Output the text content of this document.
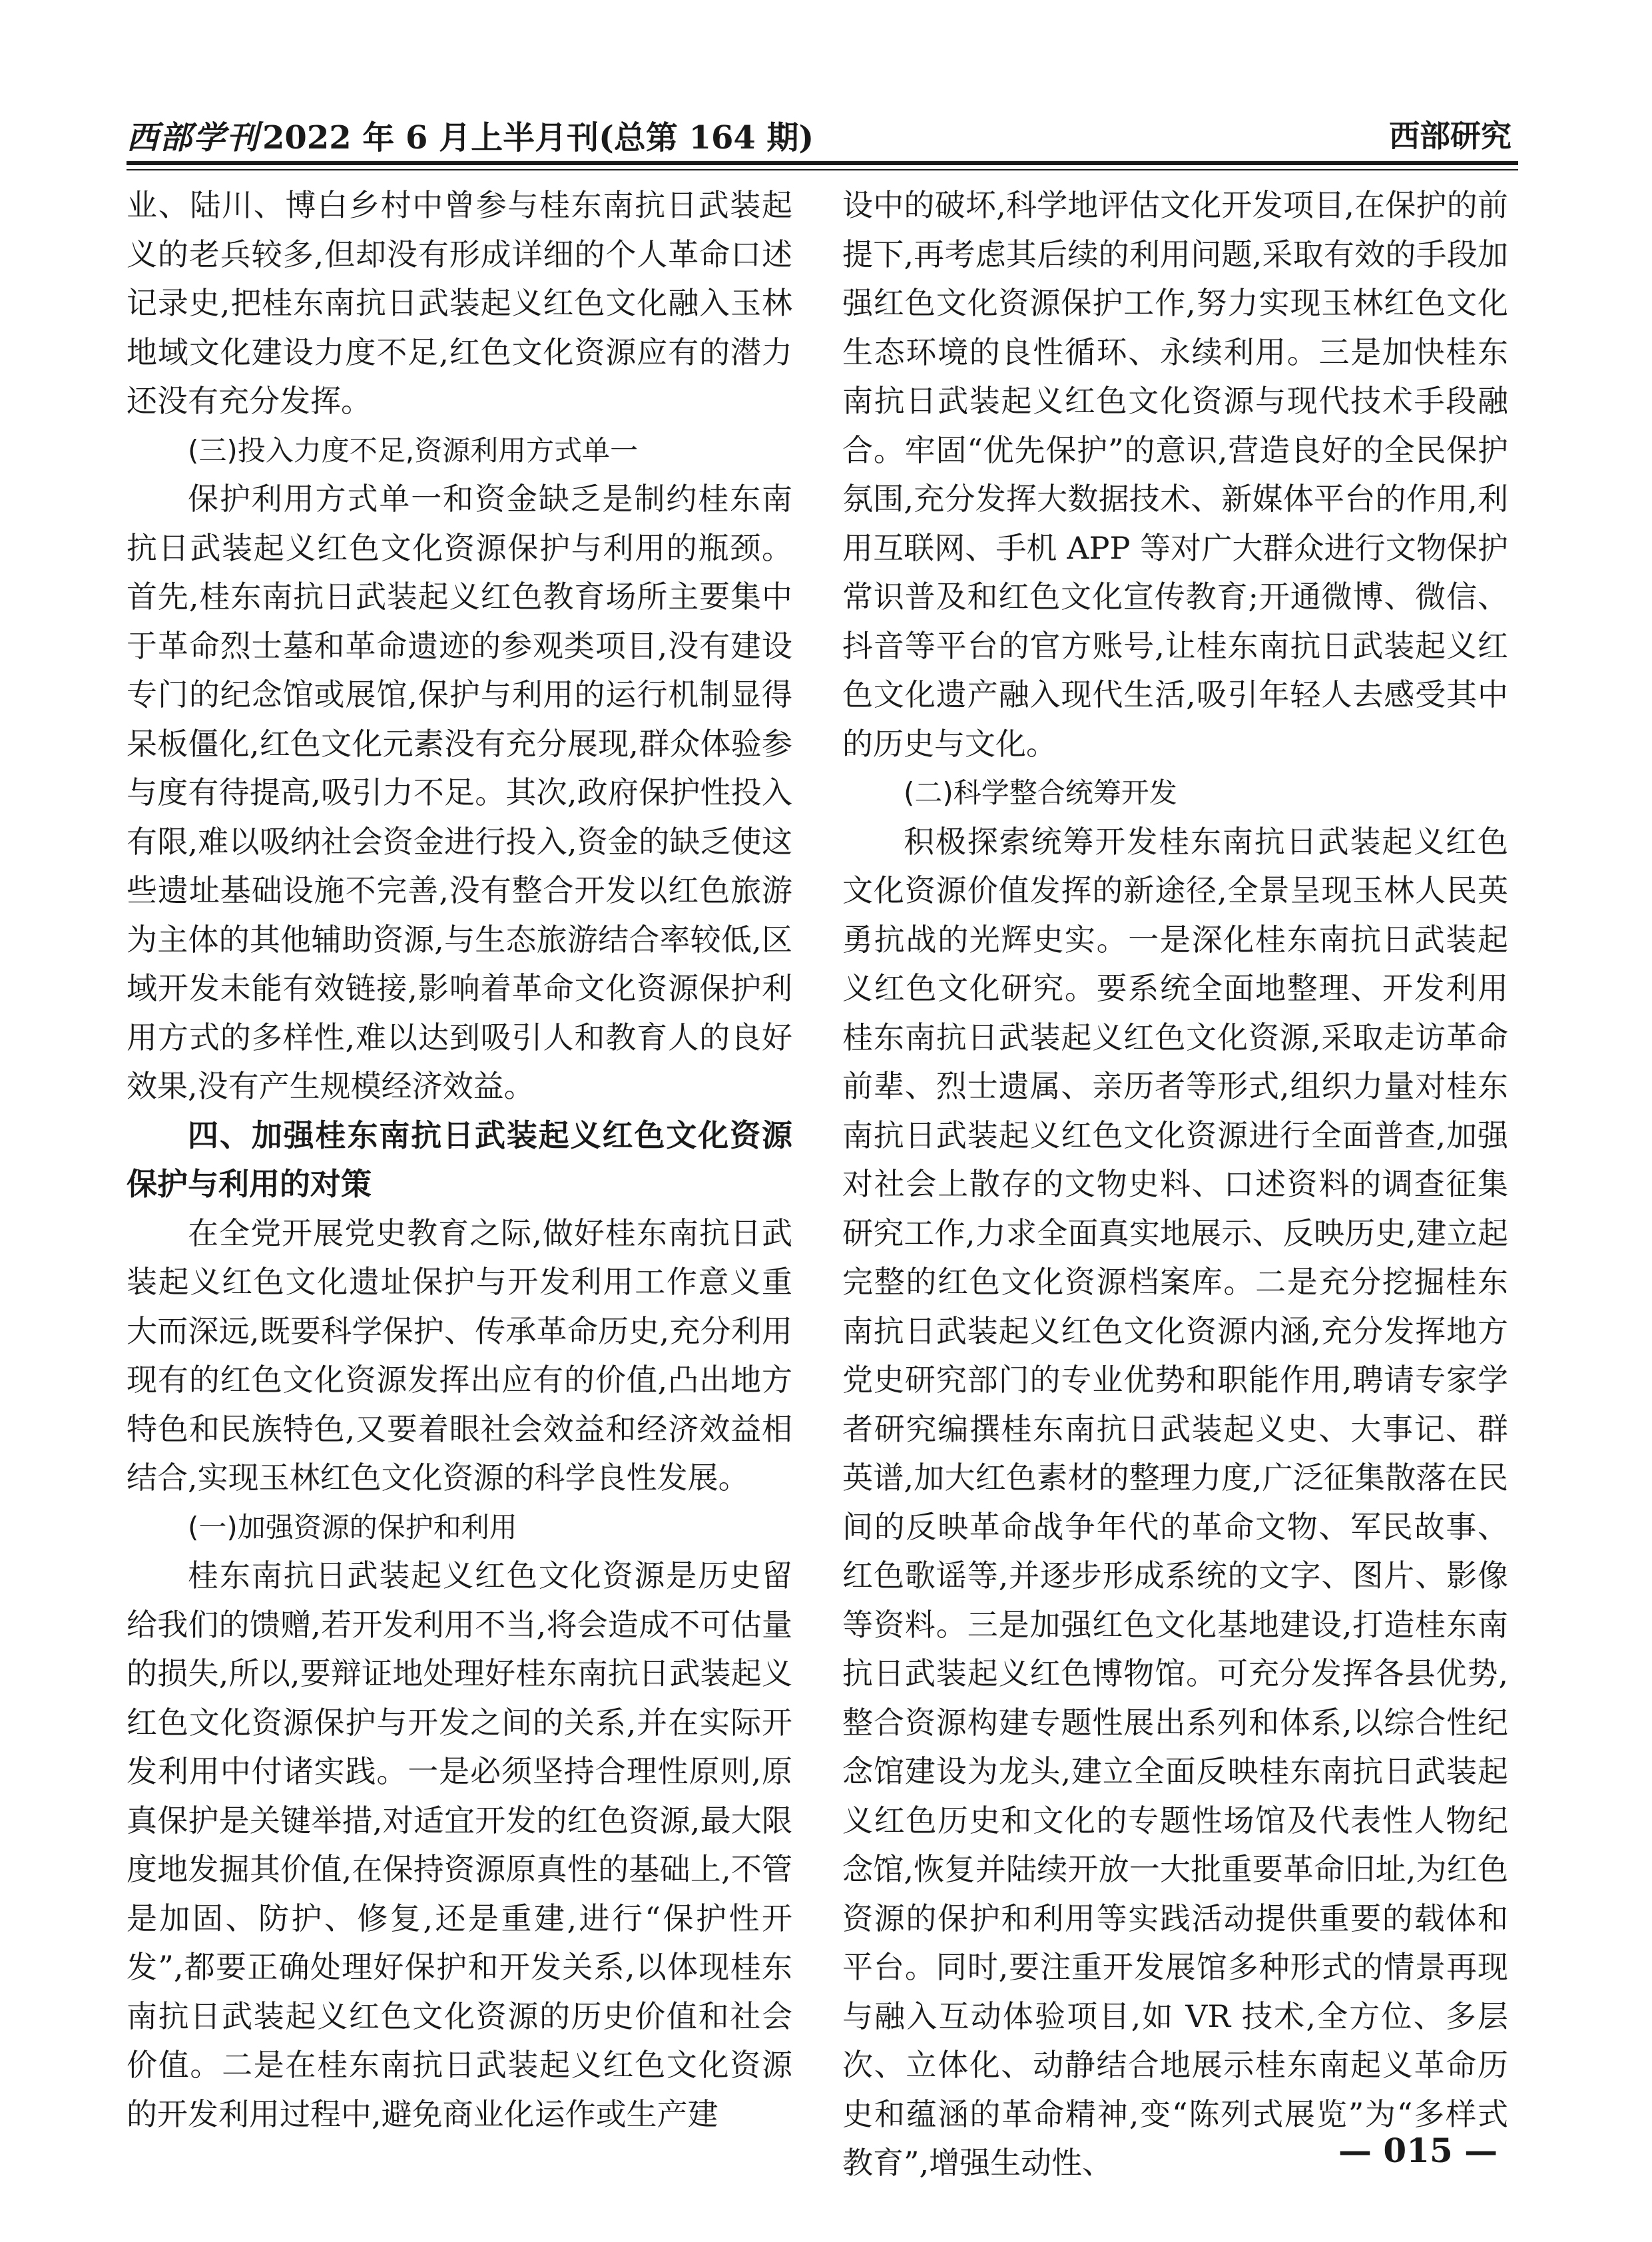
西部学刊2022 年 6 月上半月刊(总第 164 期)	西部研究

业、陆川、博白乡村中曾参与桂东南抗日武装起义的老兵较多,但却没有形成详细的个人革命口述记录史,把桂东南抗日武装起义红色文化融入玉林地域文化建设力度不足,红色文化资源应有的潜力还没有充分发挥。

(三)投入力度不足,资源利用方式单一

保护利用方式单一和资金缺乏是制约桂东南抗日武装起义红色文化资源保护与利用的瓶颈。首先,桂东南抗日武装起义红色教育场所主要集中于革命烈士墓和革命遗迹的参观类项目,没有建设专门的纪念馆或展馆,保护与利用的运行机制显得呆板僵化,红色文化元素没有充分展现,群众体验参与度有待提高,吸引力不足。其次,政府保护性投入有限,难以吸纳社会资金进行投入,资金的缺乏使这些遗址基础设施不完善,没有整合开发以红色旅游为主体的其他辅助资源,与生态旅游结合率较低,区域开发未能有效链接,影响着革命文化资源保护利用方式的多样性,难以达到吸引人和教育人的良好效果,没有产生规模经济效益。

四、加强桂东南抗日武装起义红色文化资源保护与利用的对策

在全党开展党史教育之际,做好桂东南抗日武装起义红色文化遗址保护与开发利用工作意义重大而深远,既要科学保护、传承革命历史,充分利用现有的红色文化资源发挥出应有的价值,凸出地方特色和民族特色,又要着眼社会效益和经济效益相结合,实现玉林红色文化资源的科学良性发展。

(一)加强资源的保护和利用

桂东南抗日武装起义红色文化资源是历史留给我们的馈赠,若开发利用不当,将会造成不可估量的损失,所以,要辩证地处理好桂东南抗日武装起义红色文化资源保护与开发之间的关系,并在实际开发利用中付诸实践。一是必须坚持合理性原则,原真保护是关键举措,对适宜开发的红色资源,最大限度地发掘其价值,在保持资源原真性的基础上,不管是加固、防护、修复,还是重建,进行“保护性开发”,都要正确处理好保护和开发关系,以体现桂东南抗日武装起义红色文化资源的历史价值和社会价值。二是在桂东南抗日武装起义红色文化资源的开发利用过程中,避免商业化运作或生产建

设中的破坏,科学地评估文化开发项目,在保护的前提下,再考虑其后续的利用问题,采取有效的手段加强红色文化资源保护工作,努力实现玉林红色文化生态环境的良性循环、永续利用。三是加快桂东南抗日武装起义红色文化资源与现代技术手段融合。牢固“优先保护”的意识,营造良好的全民保护氛围,充分发挥大数据技术、新媒体平台的作用,利用互联网、手机 APP 等对广大群众进行文物保护常识普及和红色文化宣传教育;开通微博、微信、抖音等平台的官方账号,让桂东南抗日武装起义红色文化遗产融入现代生活,吸引年轻人去感受其中的历史与文化。

(二)科学整合统筹开发

积极探索统筹开发桂东南抗日武装起义红色文化资源价值发挥的新途径,全景呈现玉林人民英勇抗战的光辉史实。一是深化桂东南抗日武装起义红色文化研究。要系统全面地整理、开发利用桂东南抗日武装起义红色文化资源,采取走访革命前辈、烈士遗属、亲历者等形式,组织力量对桂东南抗日武装起义红色文化资源进行全面普查,加强对社会上散存的文物史料、口述资料的调查征集研究工作,力求全面真实地展示、反映历史,建立起完整的红色文化资源档案库。二是充分挖掘桂东南抗日武装起义红色文化资源内涵,充分发挥地方党史研究部门的专业优势和职能作用,聘请专家学者研究编撰桂东南抗日武装起义史、大事记、群英谱,加大红色素材的整理力度,广泛征集散落在民间的反映革命战争年代的革命文物、军民故事、红色歌谣等,并逐步形成系统的文字、图片、影像等资料。三是加强红色文化基地建设,打造桂东南抗日武装起义红色博物馆。可充分发挥各县优势,整合资源构建专题性展出系列和体系,以综合性纪念馆建设为龙头,建立全面反映桂东南抗日武装起义红色历史和文化的专题性场馆及代表性人物纪念馆,恢复并陆续开放一大批重要革命旧址,为红色资源的保护和利用等实践活动提供重要的载体和平台。同时,要注重开发展馆多种形式的情景再现与融入互动体验项目,如 VR 技术,全方位、多层次、立体化、动静结合地展示桂东南起义革命历史和蕴涵的革命精神,变“陈列式展览”为“多样式教育”,增强生动性、	— 015 —
